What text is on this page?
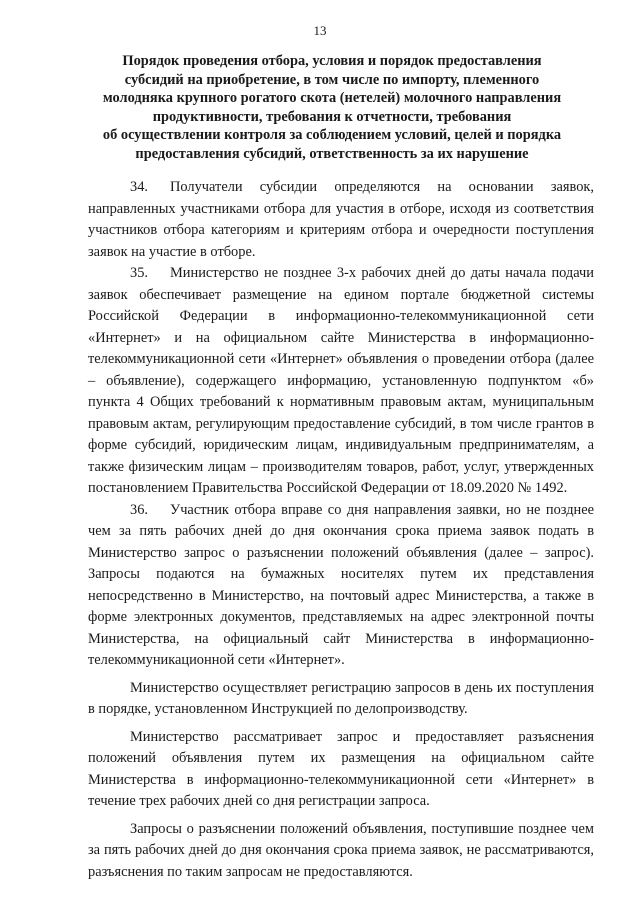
13
Порядок проведения отбора, условия и порядок предоставления
субсидий на приобретение, в том числе по импорту, племенного
молодняка крупного рогатого скота (нетелей) молочного направления
продуктивности, требования к отчетности, требования
об осуществлении контроля за соблюдением условий, целей и порядка
предоставления субсидий, ответственность за их нарушение

34. Получатели субсидии определяются на основании заявок, направленных участниками отбора для участия в отборе, исходя из соответствия участников отбора категориям и критериям отбора и очередности поступления заявок на участие в отборе.

35. Министерство не позднее 3-х рабочих дней до даты начала подачи заявок обеспечивает размещение на едином портале бюджетной системы Российской Федерации в информационно-телекоммуникационной сети «Интернет» и на официальном сайте Министерства в информационно-телекоммуникационной сети «Интернет» объявления о проведении отбора (далее – объявление), содержащего информацию, установленную подпунктом «б» пункта 4 Общих требований к нормативным правовым актам, муниципальным правовым актам, регулирующим предоставление субсидий, в том числе грантов в форме субсидий, юридическим лицам, индивидуальным предпринимателям, а также физическим лицам – производителям товаров, работ, услуг, утвержденных постановлением Правительства Российской Федерации от 18.09.2020 № 1492.

36. Участник отбора вправе со дня направления заявки, но не позднее чем за пять рабочих дней до дня окончания срока приема заявок подать в Министерство запрос о разъяснении положений объявления (далее – запрос). Запросы подаются на бумажных носителях путем их представления непосредственно в Министерство, на почтовый адрес Министерства, а также в форме электронных документов, представляемых на адрес электронной почты Министерства, на официальный сайт Министерства в информационно-телекоммуникационной сети «Интернет».

Министерство осуществляет регистрацию запросов в день их поступления в порядке, установленном Инструкцией по делопроизводству.

Министерство рассматривает запрос и предоставляет разъяснения положений объявления путем их размещения на официальном сайте Министерства в информационно-телекоммуникационной сети «Интернет» в течение трех рабочих дней со дня регистрации запроса.

Запросы о разъяснении положений объявления, поступившие позднее чем за пять рабочих дней до дня окончания срока приема заявок, не рассматриваются, разъяснения по таким запросам не предоставляются.
